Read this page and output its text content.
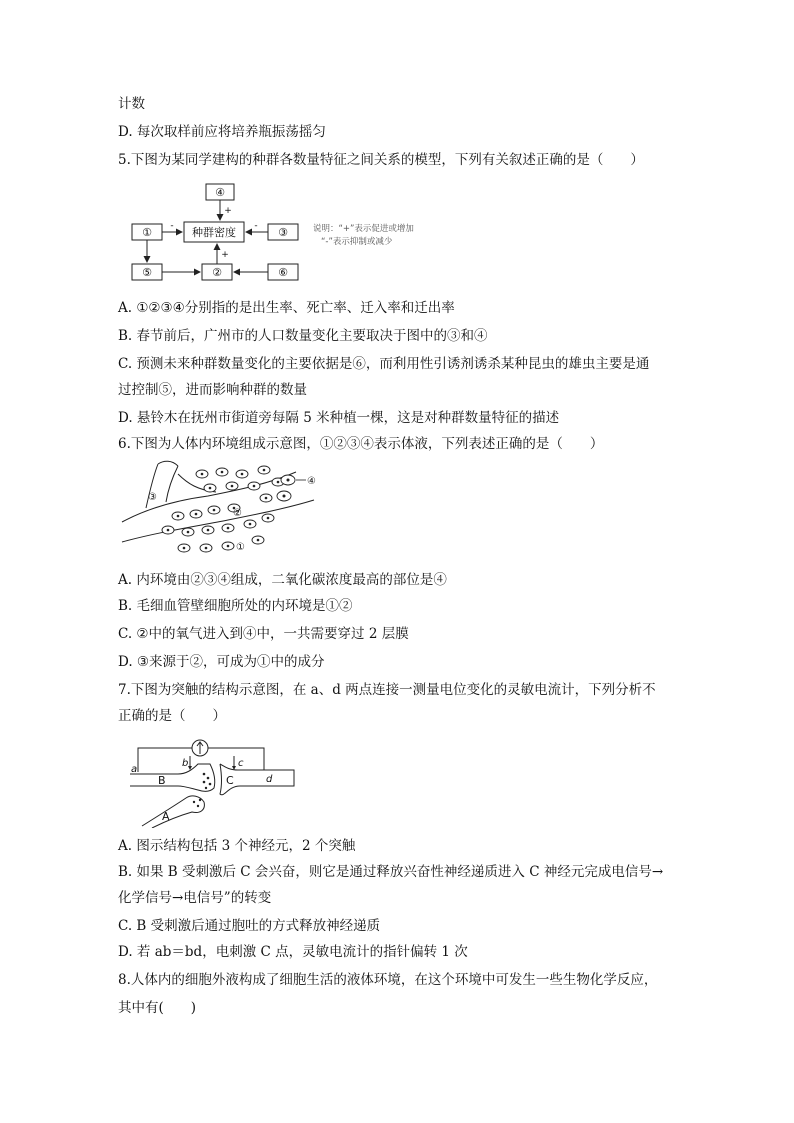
计数
D. 每次取样前应将培养瓶振荡摇匀
5.下图为某同学建构的种群各数量特征之间关系的模型，下列有关叙述正确的是（　　）
④
种群密度
①	③
⑤	②	⑥
+
-	-
+
说明：“+”表示促进或增加
“-”表示抑制或减少
A. ①②③④分别指的是出生率、死亡率、迁入率和迁出率
B. 春节前后，广州市的人口数量变化主要取决于图中的③和④
C. 预测未来种群数量变化的主要依据是⑥，而利用性引诱剂诱杀某种昆虫的雄虫主要是通
过控制⑤，进而影响种群的数量
D. 悬铃木在抚州市街道旁每隔 5 米种植一棵，这是对种群数量特征的描述
6.下图为人体内环境组成示意图，①②③④表示体液，下列表述正确的是（　　）
④
②
③
①
A. 内环境由②③④组成，二氧化碳浓度最高的部位是④
B. 毛细血管壁细胞所处的内环境是①②
C. ②中的氧气进入到④中，一共需要穿过 2 层膜
D. ③来源于②，可成为①中的成分
7.下图为突触的结构示意图，在 a、d 两点连接一测量电位变化的灵敏电流计，下列分析不
正确的是（　　）
a
b	c
d
B	C
A
A. 图示结构包括 3 个神经元，2 个突触
B. 如果 B 受刺激后 C 会兴奋，则它是通过释放兴奋性神经递质进入 C 神经元完成电信号→
化学信号→电信号”的转变
C. B 受刺激后通过胞吐的方式释放神经递质
D. 若 ab＝bd，电刺激 C 点，灵敏电流计的指针偏转 1 次
8.人体内的细胞外液构成了细胞生活的液体环境，在这个环境中可发生一些生物化学反应，
其中有(　　)
